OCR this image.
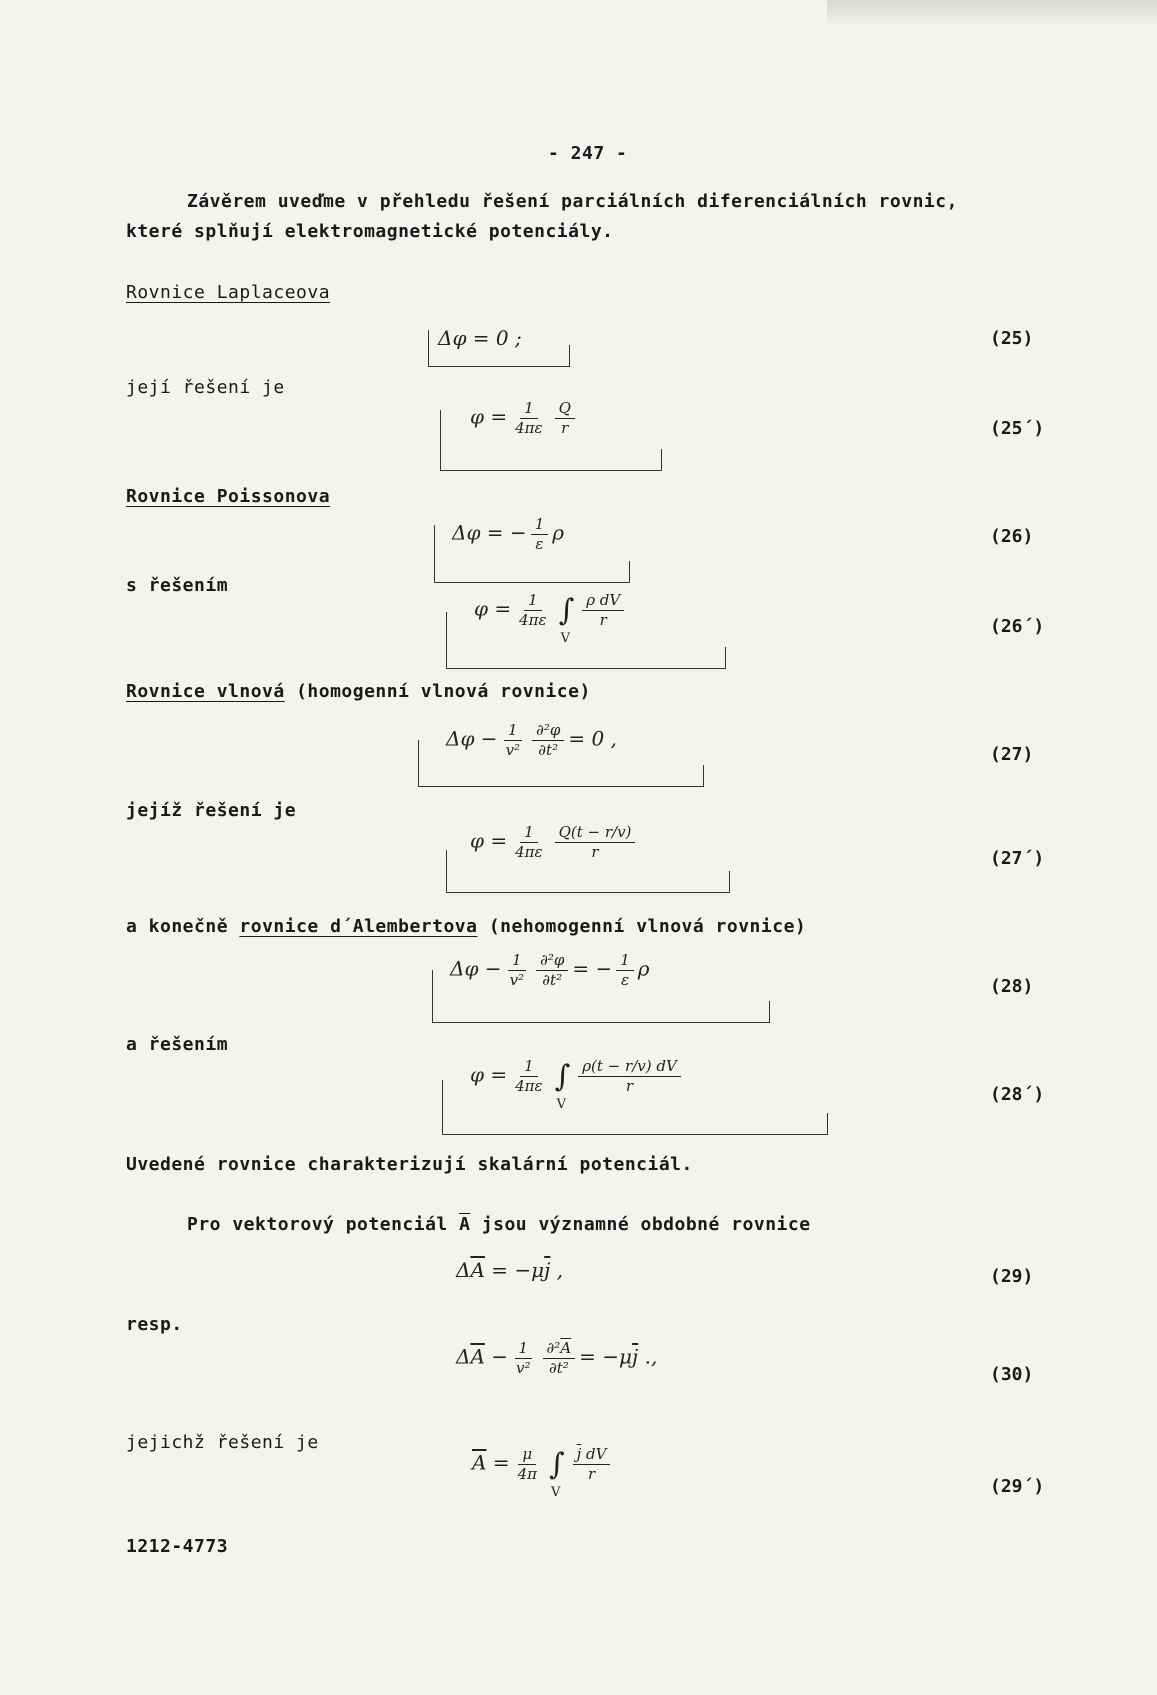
- 247 -
Závěrem uveďme v přehledu řešení parciálních diferenciálních rovnic,
které splňují elektromagnetické potenciály.
Rovnice Laplaceova
Δφ = 0 ;	(25)
její řešení je
$\varphi = \frac{1}{4\pi\varepsilon} \frac{Q}{r}$	(25´)
Rovnice Poissonova
Δφ = − $\frac{1}{\varepsilon}$ ρ	(26)
s řešením
$\varphi = \frac{1}{4\pi\varepsilon}$ ∫
V
$\frac{\text{ρ dV}}{r}$	(26´)
Rovnice vlnová (homogenní vlnová rovnice)
$\Delta\varphi - \frac{1}{\text{v²}} \frac{\text{∂²φ}}{\text{∂t²}} = 0$ ,
(27)
jejíž řešení je
$\varphi = \frac{1}{4\pi\varepsilon} \frac{Q(t - r/v)}{r}$	(27´)
a konečně rovnice d´Alembertova (nehomogenní vlnová rovnice)
$\Delta\varphi - \frac{1}{\text{v²}} \frac{\text{∂²φ}}{\text{∂t²}}$ = − $\frac{1}{\varepsilon}$ ρ
(28)
a řešením
$\varphi = \frac{1}{4\pi\varepsilon}$ ∫
V
$\frac{\rho(t - r/v) dV}{r}$
(28´)
Uvedené rovnice charakterizují skalární potenciál.
Pro vektorový potenciál $\overline{A}$ jsou významné obdobné rovnice
$\Delta\overline{A} = -\mu\overline{j}$ ,	(29)
resp.
$\Delta\overline{A} - \frac{1}{\text{v²}} \frac{\partial^2\overline{A}}{\text{∂t²}} = -\mu\overline{j}$ .,
(30)
jejichž řešení je
$\overline{A} = \frac{\mu}{4\pi}$ ∫
V
$\frac{\overline{j} dV}{r}$
(29´)
1212-4773
